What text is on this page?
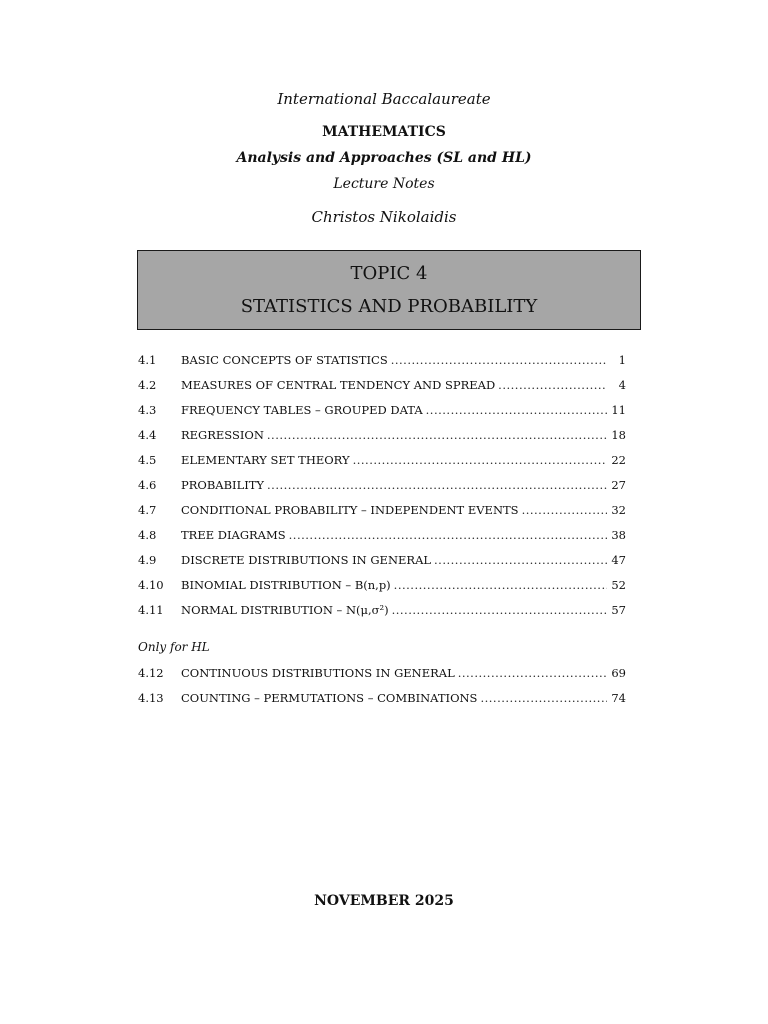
International Baccalaureate
MATHEMATICS
Analysis and Approaches (SL and HL)
Lecture Notes
Christos Nikolaidis
TOPIC 4
STATISTICS AND PROBABILITY
4.1 BASIC CONCEPTS OF STATISTICS .....	1
4.2 MEASURES OF CENTRAL TENDENCY AND SPREAD .....	4
4.3 FREQUENCY TABLES – GROUPED DATA .....	11
4.4 REGRESSION .....	18
4.5 ELEMENTARY SET THEORY .....	22
4.6 PROBABILITY .....	27
4.7 CONDITIONAL PROBABILITY – INDEPENDENT EVENTS .....	32
4.8 TREE DIAGRAMS .....	38
4.9 DISCRETE DISTRIBUTIONS IN GENERAL .....	47
4.10 BINOMIAL DISTRIBUTION – B(n,p) .....	52
4.11 NORMAL DISTRIBUTION – N(μ,σ²) .....	57
Only for HL
4.12 CONTINUOUS DISTRIBUTIONS IN GENERAL .....	69
4.13 COUNTING – PERMUTATIONS – COMBINATIONS .....	74
NOVEMBER 2025
